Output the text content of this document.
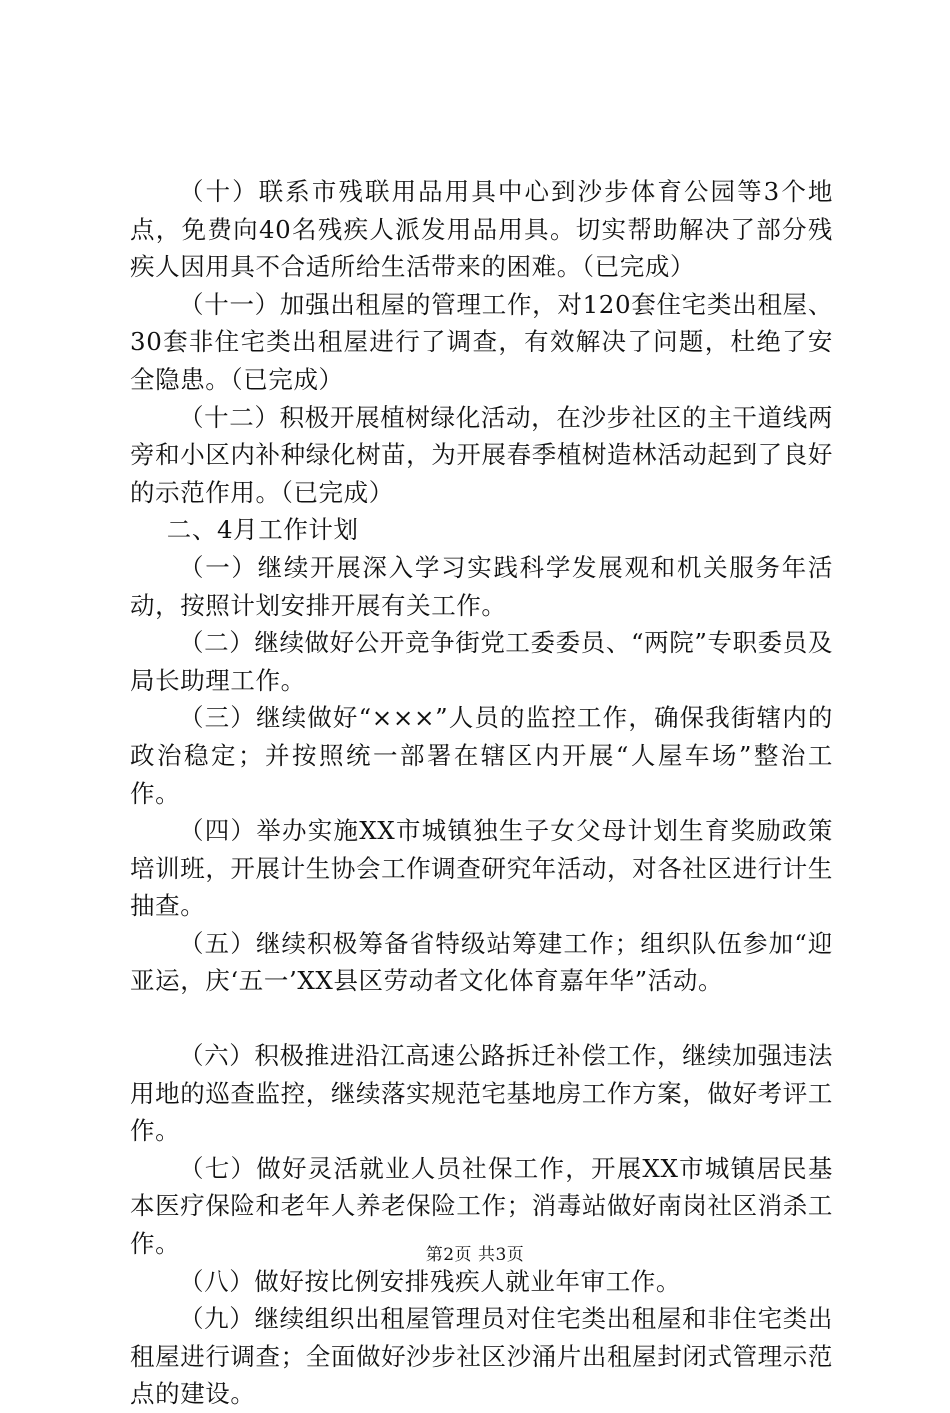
（十）联系市残联用品用具中心到沙步体育公园等3个地点，免费向40名残疾人派发用品用具。切实帮助解决了部分残疾人因用具不合适所给生活带来的困难。（已完成）

（十一）加强出租屋的管理工作，对120套住宅类出租屋、30套非住宅类出租屋进行了调查，有效解决了问题，杜绝了安全隐患。（已完成）

（十二）积极开展植树绿化活动，在沙步社区的主干道线两旁和小区内补种绿化树苗，为开展春季植树造林活动起到了良好的示范作用。（已完成）

二、4月工作计划

（一）继续开展深入学习实践科学发展观和机关服务年活动，按照计划安排开展有关工作。

（二）继续做好公开竞争街党工委委员、“两院”专职委员及局长助理工作。

（三）继续做好“×××”人员的监控工作，确保我街辖内的政治稳定；并按照统一部署在辖区内开展“人屋车场”整治工作。

（四）举办实施XX市城镇独生子女父母计划生育奖励政策培训班，开展计生协会工作调查研究年活动，对各社区进行计生抽查。

（五）继续积极筹备省特级站筹建工作；组织队伍参加“迎亚运，庆‘五一’XX县区劳动者文化体育嘉年华”活动。

（六）积极推进沿江高速公路拆迁补偿工作，继续加强违法用地的巡查监控，继续落实规范宅基地房工作方案，做好考评工作。

（七）做好灵活就业人员社保工作，开展XX市城镇居民基本医疗保险和老年人养老保险工作；消毒站做好南岗社区消杀工作。

（八）做好按比例安排残疾人就业年审工作。

（九）继续组织出租屋管理员对住宅类出租屋和非住宅类出租屋进行调查；全面做好沙步社区沙涌片出租屋封闭式管理示范点的建设。

第2页 共3页
